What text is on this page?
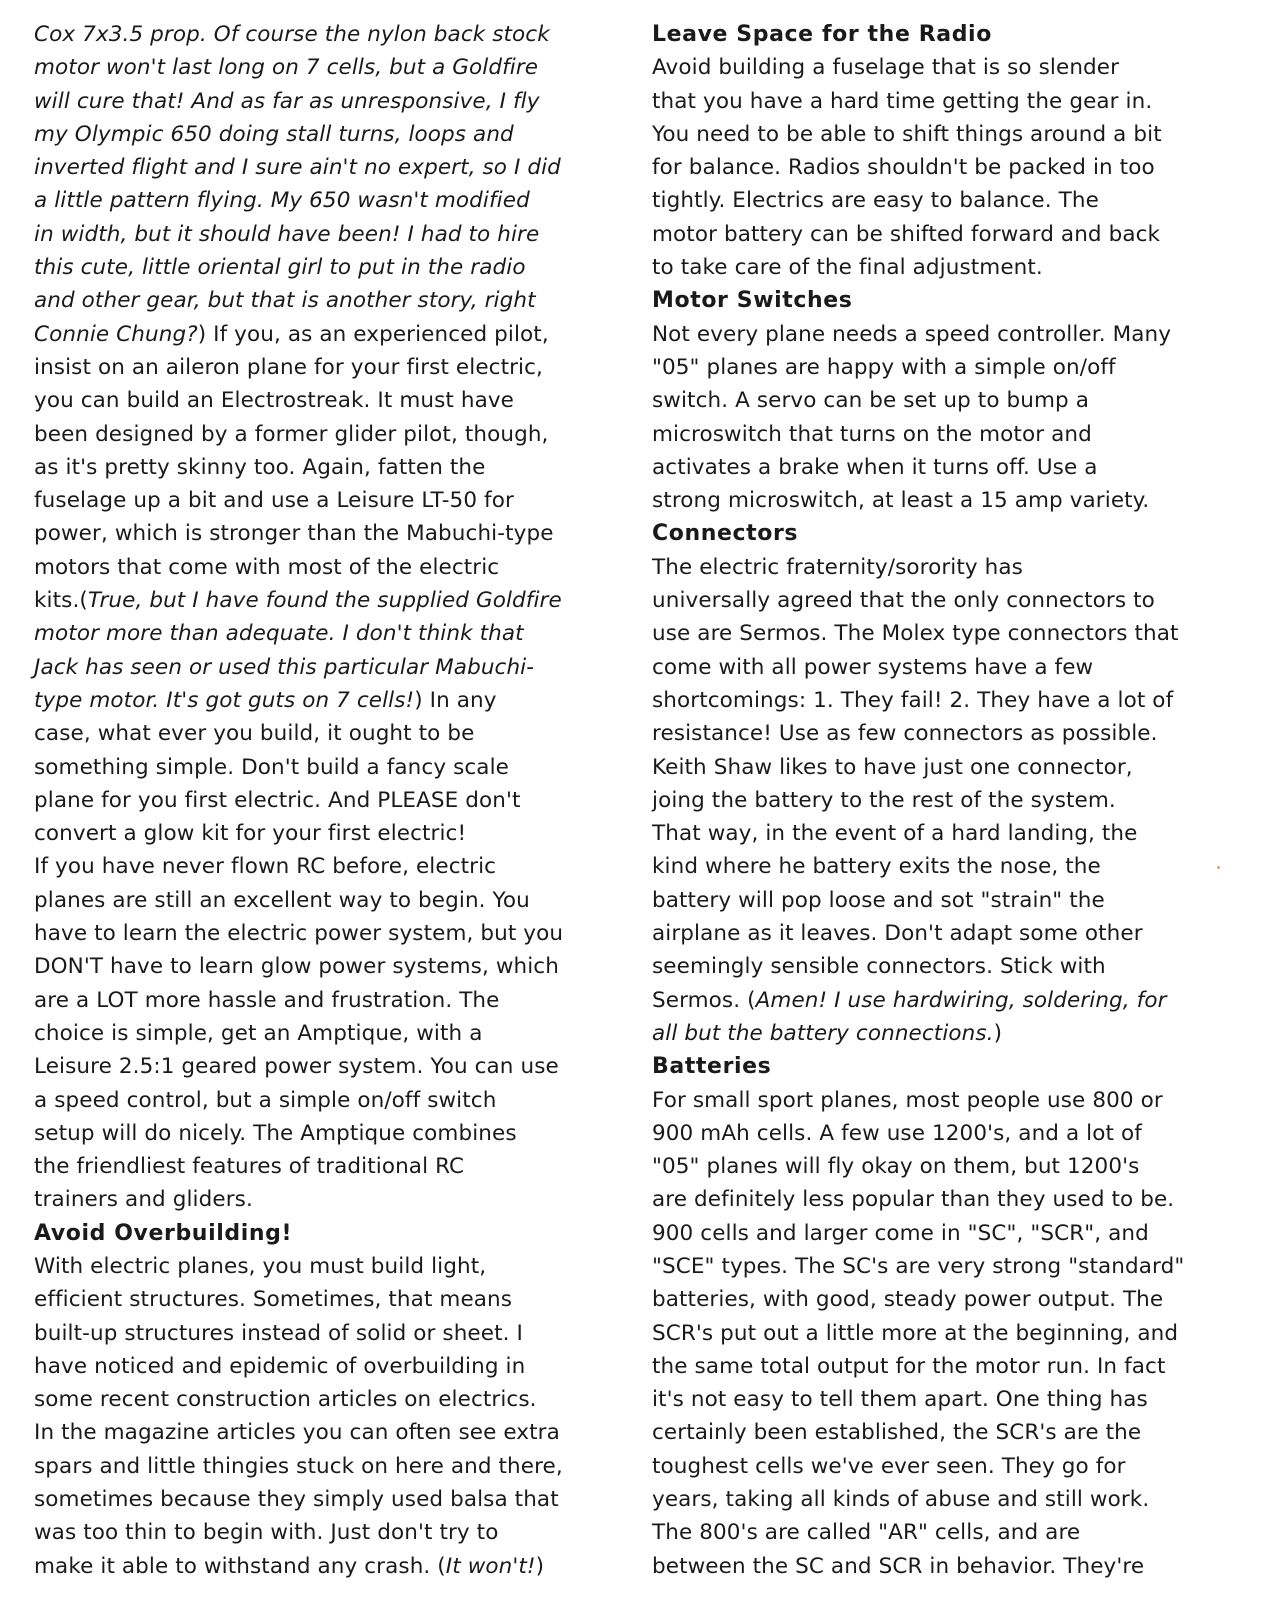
Cox 7x3.5 prop. Of course the nylon back stock
motor won't last long on 7 cells, but a Goldfire
will cure that! And as far as unresponsive, I fly
my Olympic 650 doing stall turns, loops and
inverted flight and I sure ain't no expert, so I did
a little pattern flying. My 650 wasn't modified
in width, but it should have been! I had to hire
this cute, little oriental girl to put in the radio
and other gear, but that is another story, right
Connie Chung?) If you, as an experienced pilot,
insist on an aileron plane for your first electric,
you can build an Electrostreak. It must have
been designed by a former glider pilot, though,
as it's pretty skinny too. Again, fatten the
fuselage up a bit and use a Leisure LT-50 for
power, which is stronger than the Mabuchi-type
motors that come with most of the electric
kits.(True, but I have found the supplied Goldfire
motor more than adequate. I don't think that
Jack has seen or used this particular Mabuchi-
type motor. It's got guts on 7 cells!) In any
case, what ever you build, it ought to be
something simple. Don't build a fancy scale
plane for you first electric. And PLEASE don't
convert a glow kit for your first electric!
If you have never flown RC before, electric
planes are still an excellent way to begin. You
have to learn the electric power system, but you
DON'T have to learn glow power systems, which
are a LOT more hassle and frustration. The
choice is simple, get an Amptique, with a
Leisure 2.5:1 geared power system. You can use
a speed control, but a simple on/off switch
setup will do nicely. The Amptique combines
the friendliest features of traditional RC
trainers and gliders.
Avoid Overbuilding!
With electric planes, you must build light,
efficient structures. Sometimes, that means
built-up structures instead of solid or sheet. I
have noticed and epidemic of overbuilding in
some recent construction articles on electrics.
In the magazine articles you can often see extra
spars and little thingies stuck on here and there,
sometimes because they simply used balsa that
was too thin to begin with. Just don't try to
make it able to withstand any crash. (It won't!)
Leave Space for the Radio
Avoid building a fuselage that is so slender
that you have a hard time getting the gear in.
You need to be able to shift things around a bit
for balance. Radios shouldn't be packed in too
tightly. Electrics are easy to balance. The
motor battery can be shifted forward and back
to take care of the final adjustment.
Motor Switches
Not every plane needs a speed controller. Many
"05" planes are happy with a simple on/off
switch. A servo can be set up to bump a
microswitch that turns on the motor and
activates a brake when it turns off. Use a
strong microswitch, at least a 15 amp variety.
Connectors
The electric fraternity/sorority has
universally agreed that the only connectors to
use are Sermos. The Molex type connectors that
come with all power systems have a few
shortcomings: 1. They fail! 2. They have a lot of
resistance! Use as few connectors as possible.
Keith Shaw likes to have just one connector,
joing the battery to the rest of the system.
That way, in the event of a hard landing, the
kind where he battery exits the nose, the
battery will pop loose and sot "strain" the
airplane as it leaves. Don't adapt some other
seemingly sensible connectors. Stick with
Sermos. (Amen! I use hardwiring, soldering, for
all but the battery connections.)
Batteries
For small sport planes, most people use 800 or
900 mAh cells. A few use 1200's, and a lot of
"05" planes will fly okay on them, but 1200's
are definitely less popular than they used to be.
900 cells and larger come in "SC", "SCR", and
"SCE" types. The SC's are very strong "standard"
batteries, with good, steady power output. The
SCR's put out a little more at the beginning, and
the same total output for the motor run. In fact
it's not easy to tell them apart. One thing has
certainly been established, the SCR's are the
toughest cells we've ever seen. They go for
years, taking all kinds of abuse and still work.
The 800's are called "AR" cells, and are
between the SC and SCR in behavior. They're
